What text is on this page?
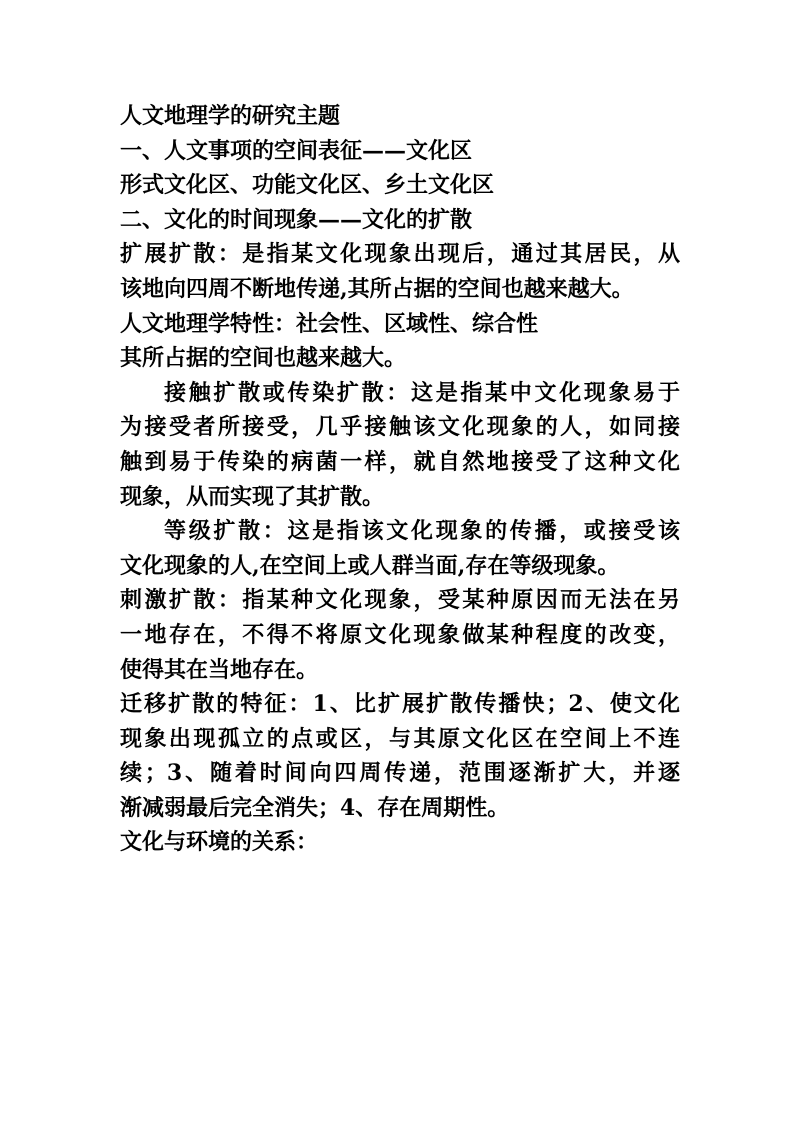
人文地理学的研究主题
一、人文事项的空间表征——文化区
形式文化区、功能文化区、乡土文化区
二、文化的时间现象——文化的扩散
扩展扩散：是指某文化现象出现后，通过其居民，从
该地向四周不断地传递,其所占据的空间也越来越大。
人文地理学特性：社会性、区域性、综合性
其所占据的空间也越来越大。
接触扩散或传染扩散：这是指某中文化现象易于
为接受者所接受，几乎接触该文化现象的人，如同接
触到易于传染的病菌一样，就自然地接受了这种文化
现象，从而实现了其扩散。
等级扩散：这是指该文化现象的传播，或接受该
文化现象的人,在空间上或人群当面,存在等级现象。
刺激扩散：指某种文化现象，受某种原因而无法在另
一地存在，不得不将原文化现象做某种程度的改变，
使得其在当地存在。
迁移扩散的特征：1、比扩展扩散传播快；2、使文化
现象出现孤立的点或区，与其原文化区在空间上不连
续；3、随着时间向四周传递，范围逐渐扩大，并逐
渐减弱最后完全消失；4、存在周期性。
文化与环境的关系：
